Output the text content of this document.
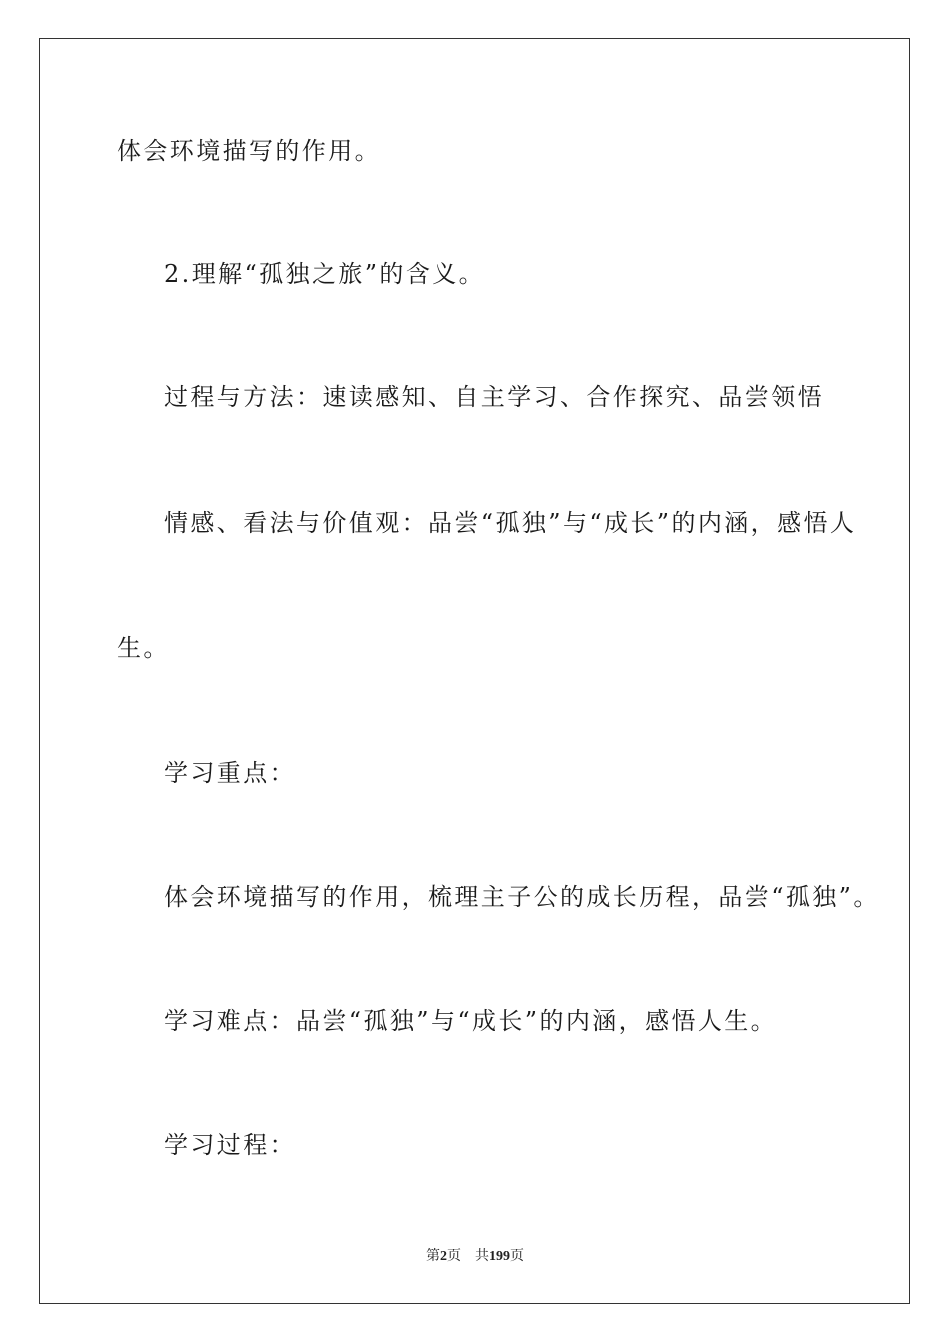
体会环境描写的作用。
2.理解“孤独之旅”的含义。
过程与方法：速读感知、自主学习、合作探究、品尝领悟
情感、看法与价值观：品尝“孤独”与“成长”的内涵，感悟人
生。
学习重点：
体会环境描写的作用，梳理主子公的成长历程，品尝“孤独”。
学习难点：品尝“孤独”与“成长”的内涵，感悟人生。
学习过程：
第2页 共199页
